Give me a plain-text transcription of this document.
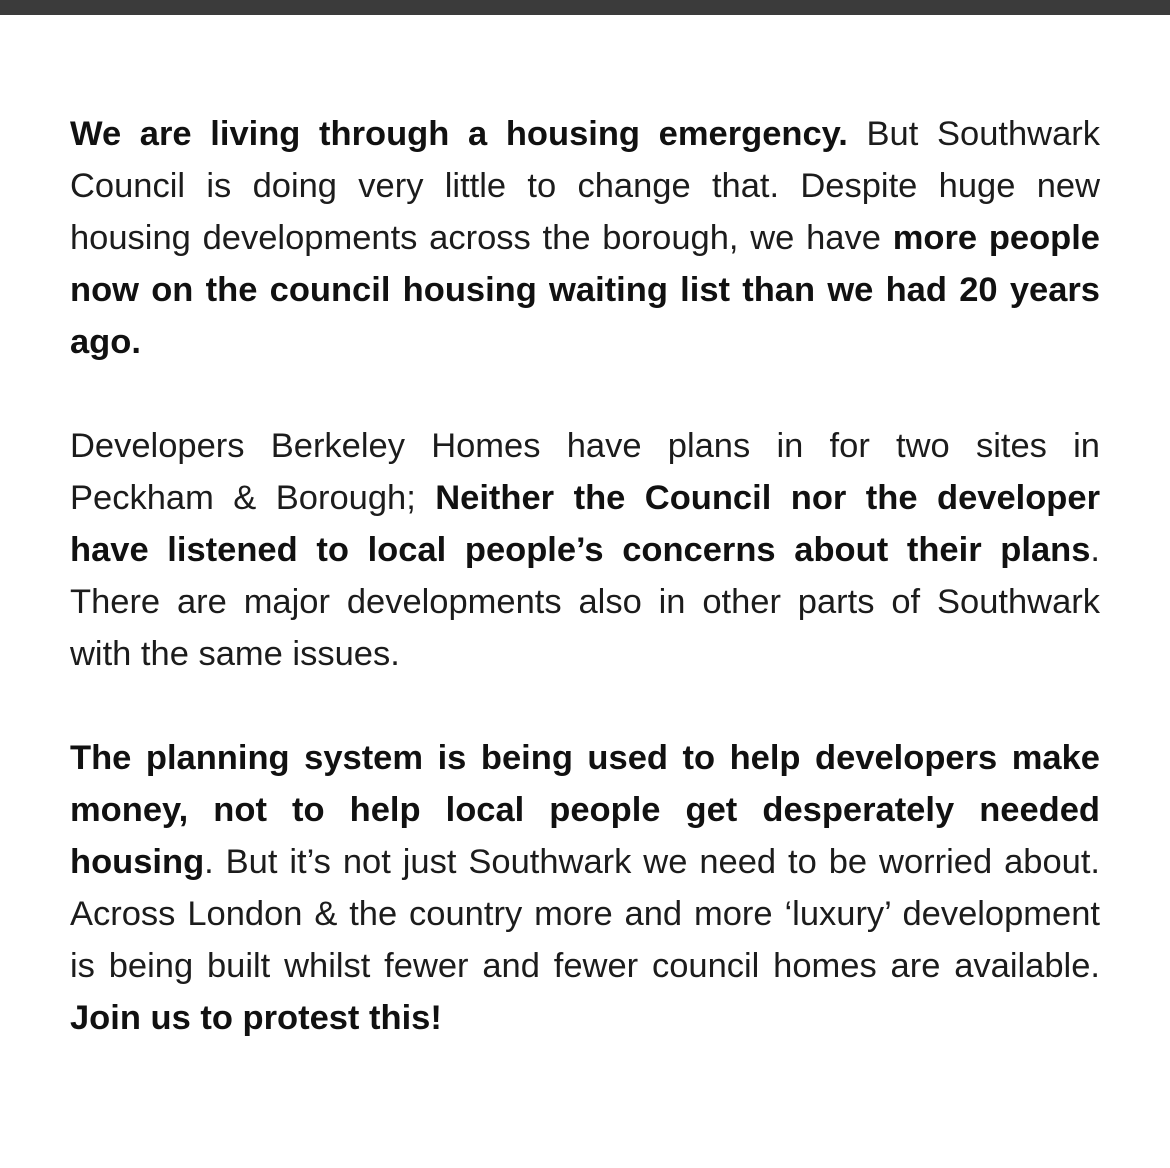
We are living through a housing emergency. But Southwark Council is doing very little to change that. Despite huge new housing developments across the borough, we have more people now on the council housing waiting list than we had 20 years ago.

Developers Berkeley Homes have plans in for two sites in Peckham & Borough; Neither the Council nor the developer have listened to local people’s concerns about their plans. There are major developments also in other parts of Southwark with the same issues.

The planning system is being used to help developers make money, not to help local people get desperately needed housing. But it’s not just Southwark we need to be worried about. Across London & the country more and more ‘luxury’ development is being built whilst fewer and fewer council homes are available. Join us to protest this!
